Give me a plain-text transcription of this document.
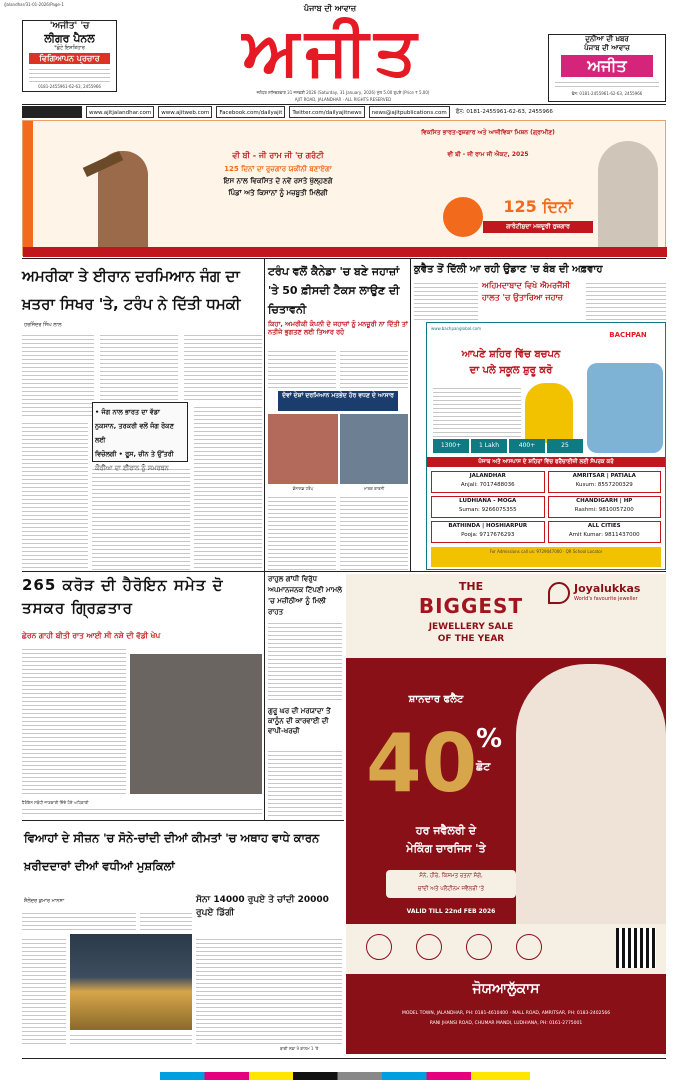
/Jalandhar/31-01-2026/Page-1
'ਅਜੀਤ' 'ਚ
ਲੀਗਰ ਪੈਨਲ
*ਛੋਟੇ ਇਸ਼ਤਿਹਾਰ
ਵਿਗਿਆਪਨ ਪ੍ਰਚਾਰ
0181-2455961-62-63, 2455966
ਪੰਜਾਬ ਦੀ ਆਵਾਜ਼
ਅਜੀਤ
ਜਲੰਧਰ ਸ਼ਨਿਚਰਵਾਰ 31 ਜਨਵਰੀ 2026 (Saturday, 31 January, 2026) ਮੁੱਲ 5.00 ਰੁਪਏ (Price ₹ 5.00)
AJIT ROAD, JALANDHAR · ALL RIGHTS RESERVED
ਦੁਨੀਆ ਦੀ ਖ਼ਬਰ
ਪੰਜਾਬ ਦੀ ਆਵਾਜ਼
ਅਜੀਤ
ਫੋਨ: 0181-2455961-62-63, 2455966
www.ajitjalandhar.com	www.ajitweb.com	Facebook.com/dailyajit	Twitter.com/dailyajitnews	news@ajitpublications.com	ਫੋਨ: 0181-2455961-62-63, 2455966
ਵੀ ਬੀ - ਜੀ ਰਾਮ ਜੀ 'ਚ ਗਰੰਟੀ
125 ਦਿਨਾਂ ਦਾ ਰੁਜ਼ਗਾਰ ਯਕੀਨੀ ਬਣਾਏਗਾ
ਇਸ ਨਾਲ ਵਿਕਸਿਤ ਦੇ ਨਵੇਂ ਰਸਤੇ ਖੁੱਲ੍ਹਣਗੇ
ਪਿੰਡਾਂ ਅਤੇ ਕਿਸਾਨਾਂ ਨੂੰ ਮਜ਼ਬੂਤੀ ਮਿਲੇਗੀ
ਵਿਕਸਿਤ ਭਾਰਤ-ਰੁਜ਼ਗਾਰ ਅਤੇ ਆਜੀਵਿਕਾ ਮਿਸ਼ਨ (ਗ੍ਰਾਮੀਣ)
ਵੀ ਬੀ - ਜੀ ਰਾਮ ਜੀ ਐਕਟ, 2025
125 ਦਿਨਾਂ
ਗਾਰੰਟੀਸ਼ੁਦਾ ਮਜ਼ਦੂਰੀ ਰੁਜ਼ਗਾਰ
ਅਮਰੀਕਾ ਤੇ ਈਰਾਨ ਦਰਮਿਆਨ ਜੰਗ ਦਾ ਖ਼ਤਰਾ ਸਿਖਰ 'ਤੇ, ਟਰੰਪ ਨੇ ਦਿੱਤੀ ਧਮਕੀ
ਹਰਜਿੰਦਰ ਸਿੰਘ ਲਾਲ
• ਜੰਗ ਨਾਲ ਭਾਰਤ ਦਾ ਵੱਡਾ
ਨੁਕਸਾਨ, ਤਰਕਰੀ ਵਲੋਂ ਜੰਗ ਰੋਕਣ ਲਈ
ਵਿਚੋਲਗੀ • ਰੂਸ, ਚੀਨ ਤੇ ਉੱਤਰੀ
ਟਰੰਪ ਵਲੋਂ ਕੈਨੇਡਾ 'ਚ ਬਣੇ ਜਹਾਜ਼ਾਂ 'ਤੇ 50 ਫ਼ੀਸਦੀ ਟੈਕਸ ਲਾਉਣ ਦੀ ਚਿਤਾਵਨੀ
ਕਿਹਾ, ਅਮਰੀਕੀ ਕੰਪਨੀ ਦੇ ਜਹਾਜ਼ਾਂ ਨੂੰ ਮਨਜ਼ੂਰੀ ਨਾ ਦਿੱਤੀ ਤਾਂ ਨਤੀਜੇ ਭੁਗਤਣ ਲਈ ਤਿਆਰ ਰਹੋ
ਦੋਵਾਂ ਦੇਸ਼ਾਂ ਦਰਮਿਆਨ ਮਤਭੇਦ ਹੋਰ ਵਧਣ ਦੇ ਆਸਾਰ
ਡੋਨਾਲਡ ਟਰੰਪ	ਮਾਰਕ ਕਾਰਨੀ
ਕੁਵੈਤ ਤੋਂ ਦਿੱਲੀ ਆ ਰਹੀ ਉਡਾਣ 'ਚ ਬੰਬ ਦੀ ਅਫ਼ਵਾਹ
ਅਹਿਮਦਾਬਾਦ ਵਿਖੇ ਐਮਰਜੈਂਸੀ ਹਾਲਤ 'ਚ ਉਤਾਰਿਆ ਜਹਾਜ਼
www.bachpanglobal.com
BACHPAN
ਆਪਣੇ ਸ਼ਹਿਰ ਵਿੱਚ ਬਚਪਨ
ਦਾ ਪਲੇ ਸਕੂਲ ਸ਼ੁਰੂ ਕਰੋ
1300+	1 Lakh	400+	25
ਪੰਜਾਬ ਅਤੇ ਆਸਪਾਸ ਦੇ ਸ਼ਹਿਰਾਂ ਵਿੱਚ ਫਰੈਂਚਾਈਜ਼ੀ ਲਈ ਸੰਪਰਕ ਕਰੋ
JALANDHAR
Anjali: 7017488036
AMRITSAR | PATIALA
Kusum: 8557200329
LUDHIANA - MOGA
Suman: 9266075355
CHANDIGARH | HP
Rashmi: 9810057200
BATHINDA | HOSHIARPUR
Pooja: 9717676293
ALL CITIES
Amit Kumar: 9811437000
For Admissions call us: 9729047000 · QR School Locator
265 ਕਰੋੜ ਦੀ ਹੈਰੋਇਨ ਸਮੇਤ ਦੋ ਤਸਕਰ ਗ੍ਰਿਫ਼ਤਾਰ
ਛੇਰਨ ਗਾਹੀ ਬੀਤੀ ਰਾਤ ਆਈ ਸੀ ਨਸ਼ੇ ਦੀ ਵੱਡੀ ਖੇਪ
ਹੈਰੋਇਨ ਸਬੰਧੀ ਜਾਣਕਾਰੀ ਦਿੰਦੇ ਹੋਏ ਅਧਿਕਾਰੀ
ਰਾਹੁਲ ਗਾਂਧੀ ਵਿਰੁੱਧ ਅਪਮਾਨਜਨਕ ਟਿੱਪਣੀ ਮਾਮਲੇ 'ਚ ਮਜ਼ੀਠੀਆ ਨੂੰ ਮਿਲੀ ਰਾਹਤ
ਗੁਰੂ ਘਰ ਦੀ ਮਰਯਾਦਾ ਤੋਂ ਕਾਨੂੰਨ ਦੀ ਕਾਰਵਾਈ ਦੀ ਵਾਪੀ-ਖਰਚੀ
ਵਿਆਹਾਂ ਦੇ ਸੀਜ਼ਨ 'ਚ ਸੋਨੇ-ਚਾਂਦੀ ਦੀਆਂ ਕੀਮਤਾਂ 'ਚ ਅਥਾਹ ਵਾਧੇ ਕਾਰਨ ਖ਼ਰੀਦਦਾਰਾਂ ਦੀਆਂ ਵਧੀਆਂ ਮੁਸ਼ਕਿਲਾਂ
ਸ਼ੈਲੇਂਦਰ ਕੁਮਾਰ ਮਾਨਸਾ	ਸੋਨਾ 14000 ਰੁਪਏ ਤੇ ਚਾਂਦੀ 20000 ਰੁਪਏ ਡਿੱਗੀ
ਬਾਕੀ ਸਫ਼ਾ 9 ਕਾਲਮ 1 'ਤੇ
THE
BIGGEST
JEWELLERY SALE
OF THE YEAR
Joyalukkas
World's favourite jeweller
ਸ਼ਾਨਦਾਰ ਫਲੈਟ
40
%
ਛੋਟ
ਹਰ ਜਵੈਲਰੀ ਦੇ
ਮੇਕਿੰਗ ਚਾਰਜਿਸ 'ਤੇ
ਸੋਨੇ, ਹੀਰੇ, ਕਿਸਮਤ ਰਤਨਾਂ ਸੰਗੇ,
ਚਾਂਦੀ ਅਤੇ ਪਲੈਟੀਨਮ ਜਵੈਲਰੀ 'ਤੇ
VALID TILL 22nd FEB 2026
ਜੋਯਆਲੁੱਕਾਸ
MODEL TOWN, JALANDHAR, PH: 0181-4610400 · MALL ROAD, AMRITSAR, PH: 0183-2402566
RANI JHANSI ROAD, CHUMAR MANDI, LUDHIANA, PH: 0161-2775001
